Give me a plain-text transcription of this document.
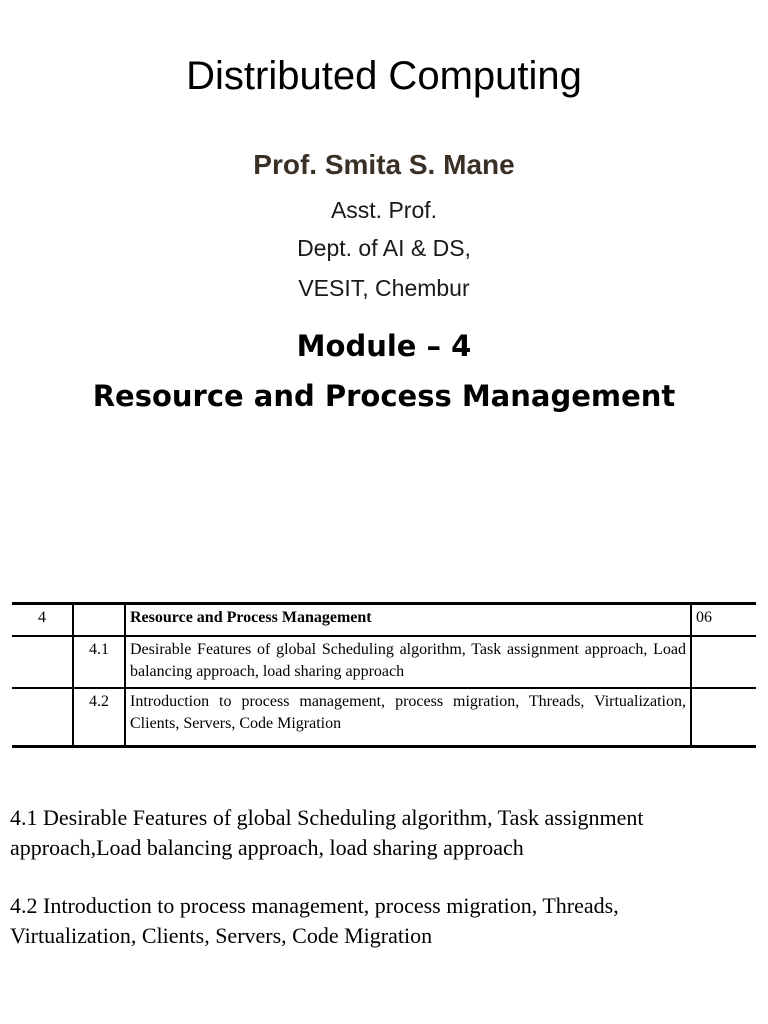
Distributed Computing
Prof. Smita S. Mane
Asst. Prof.
Dept. of AI & DS,
VESIT, Chembur
Module – 4
Resource and Process Management
4		Resource and Process Management	06
	4.1	Desirable Features of global Scheduling algorithm, Task assignment approach, Load balancing approach, load sharing approach	
	4.2	Introduction to process management, process migration, Threads, Virtualization, Clients, Servers, Code Migration	
4.1 Desirable Features of global Scheduling algorithm, Task assignment approach,Load balancing approach, load sharing approach
4.2 Introduction to process management, process migration, Threads, Virtualization, Clients, Servers, Code Migration
